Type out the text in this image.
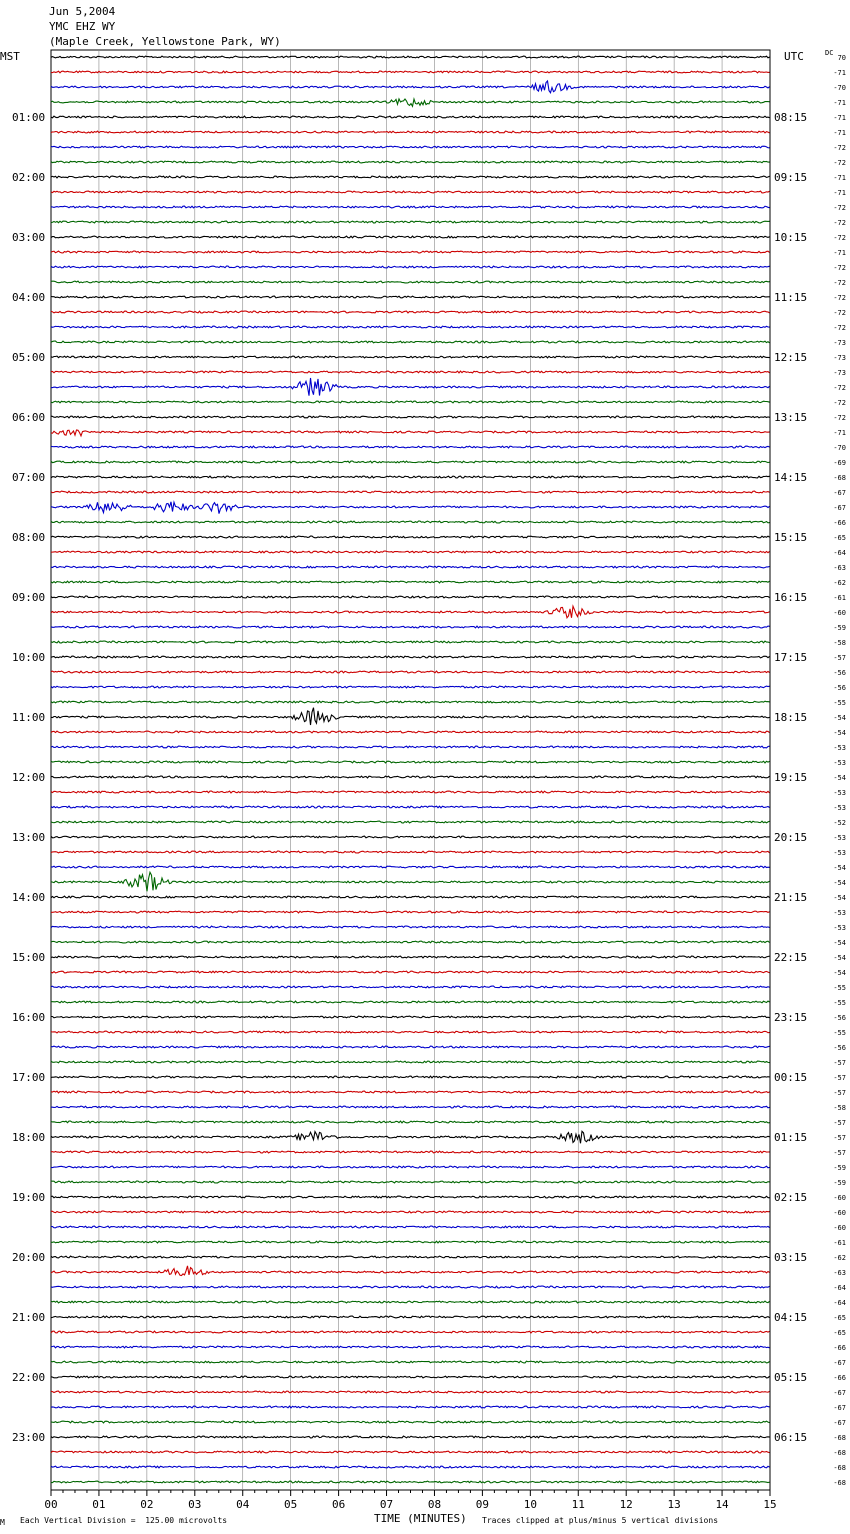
Jun 5,2004
YMC EHZ WY
(Maple Creek, Yellowstone Park, WY)
MST	UTC	DC
00	01	02	03	04	05	06	07	08	09	10	11	12	13	14	15
70
-71
-70
-71
-71
-71
-72
-72
-71
-71
-72
-72
-72
-71
-72
-72
-72
-72
-72
-73
-73
-73
-72
-72
-72
-71
-70
-69
-68
-67
-67
-66
-65
-64
-63
-62
-61
-60
-59
-58
-57
-56
-56
-55
-54
-54
-53
-53
-54
-53
-53
-52
-53
-53
-54
-54
-54
-53
-53
-54
-54
-54
-55
-55
-56
-55
-56
-57
-57
-57
-58
-57
-57
-57
-59
-59
-60
-60
-60
-61
-62
-63
-64
-64
-65
-65
-66
-67
-66
-67
-67
-67
-68
-68
-68
-68
01:00
02:00
03:00
04:00
05:00
06:00
07:00
08:00
09:00
10:00
11:00
12:00
13:00
14:00
15:00
16:00
17:00
18:00
19:00
20:00
21:00
22:00
23:00
08:15
09:15
10:15
11:15
12:15
13:15
14:15
15:15
16:15
17:15
18:15
19:15
20:15
21:15
22:15
23:15
00:15
01:15
02:15
03:15
04:15
05:15
06:15
M Each Vertical Division =  125.00 microvolts	TIME (MINUTES) Traces clipped at plus/minus 5 vertical divisions
